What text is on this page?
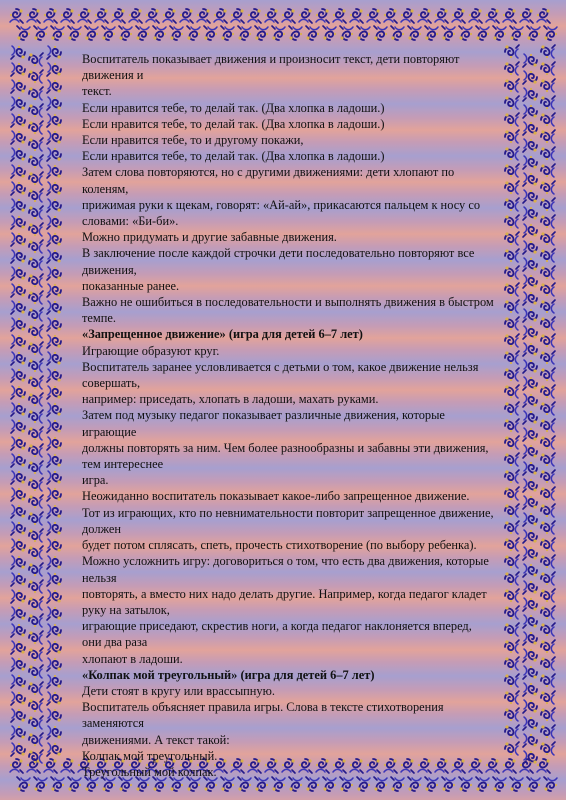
Воспитатель показывает движения и произносит текст, дети повторяют

движения и

текст.

Если нравится тебе, то делай так. (Два хлопка в ладоши.)

Если нравится тебе, то делай так. (Два хлопка в ладоши.)

Если нравится тебе, то и другому покажи,

Если нравится тебе, то делай так. (Два хлопка в ладоши.)

Затем слова повторяются, но с другими движениями: дети хлопают по

коленям,

прижимая руки к щекам, говорят: «Ай-ай», прикасаются пальцем к носу со

словами: «Би-би».

Можно придумать и другие забавные движения.

В заключение после каждой строчки дети последовательно повторяют все

движения,

показанные ранее.

Важно не ошибиться в последовательности и выполнять движения в быстром

темпе.

«Запрещенное движение» (игра для детей 6–7 лет)

Играющие образуют круг.

Воспитатель заранее условливается с детьми о том, какое движение нельзя

совершать,

например: приседать, хлопать в ладоши, махать руками.

Затем под музыку педагог показывает различные движения, которые

играющие

должны повторять за ним. Чем более разнообразны и забавны эти движения,

тем интереснее

игра.

Неожиданно воспитатель показывает какое-либо запрещенное движение.

Тот из играющих, кто по невнимательности повторит запрещенное движение,

должен

будет потом сплясать, спеть, прочесть стихотворение (по выбору ребенка).

Можно усложнить игру: договориться о том, что есть два движения, которые

нельзя

повторять, а вместо них надо делать другие. Например, когда педагог кладет

руку на затылок,

играющие приседают, скрестив ноги, а когда педагог наклоняется вперед,

они два раза

хлопают в ладоши.

«Колпак мой треугольный» (игра для детей 6–7 лет)

Дети стоят в кругу или врассыпную.

Воспитатель объясняет правила игры. Слова в тексте стихотворения

заменяются

движениями. А текст такой:

Колпак мой треугольный.

Треугольный мой колпак.
